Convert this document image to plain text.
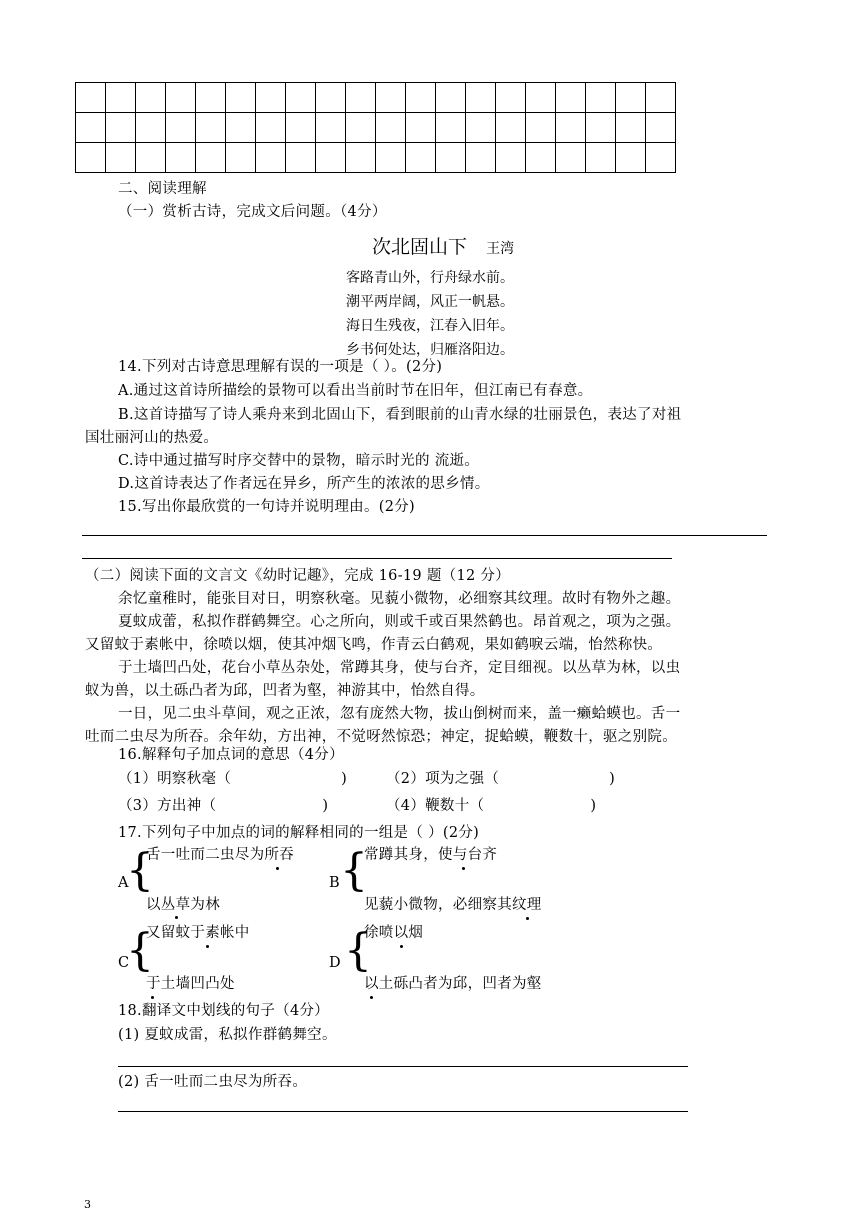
二、阅读理解
（一）赏析古诗，完成文后问题。（4分）
次北固山下 王湾
客路青山外，行舟绿水前。
潮平两岸阔，风正一帆悬。
海日生残夜，江春入旧年。
乡书何处达，归雁洛阳边。
14.下列对古诗意思理解有误的一项是（ ）。(2分)
A.通过这首诗所描绘的景物可以看出当前时节在旧年，但江南已有春意。
B.这首诗描写了诗人乘舟来到北固山下，看到眼前的山青水绿的壮丽景色，表达了对祖
国壮丽河山的热爱。
C.诗中通过描写时序交替中的景物，暗示时光的 流逝。
D.这首诗表达了作者远在异乡，所产生的浓浓的思乡情。
15.写出你最欣赏的一句诗并说明理由。(2分)
（二）阅读下面的文言文《幼时记趣》，完成 16-19 题（12 分）
余忆童稚时，能张目对日，明察秋毫。见藐小微物，必细察其纹理。故时有物外之趣。
夏蚊成蕾，私拟作群鹤舞空。心之所向，则或千或百果然鹤也。昂首观之，项为之强。
又留蚊于素帐中，徐喷以烟，使其冲烟飞鸣，作青云白鹤观，果如鹤唳云端，怡然称快。
于土墙凹凸处，花台小草丛杂处，常蹲其身，使与台齐，定目细视。以丛草为林，以虫
蚁为兽，以土砾凸者为邱，凹者为壑，神游其中，怡然自得。
一日，见二虫斗草间，观之正浓，忽有庞然大物，拔山倒树而来，盖一癞蛤蟆也。舌一
吐而二虫尽为所吞。余年幼，方出神，不觉呀然惊恐；神定，捉蛤蟆，鞭数十，驱之别院。
16.解释句子加点词的意思（4分）
（1）明察秋毫（	)	（2）项为之强（	)
（3）方出神（	)	（4）鞭数十（	)
17.下列句子中加点的词的解释相同的一组是（ ）(2分)
A
{
舌一吐而二虫尽为所吞
以丛草为林
B {
常蹲其身，使与台齐
见藐小微物，必细察其纹理
C
{
又留蚊于素帐中
于土墙凹凸处
D {
徐喷以烟
以土砾凸者为邱，凹者为壑
18.翻译文中划线的句子（4分）
(1) 夏蚊成雷，私拟作群鹤舞空。
(2) 舌一吐而二虫尽为所吞。
3
